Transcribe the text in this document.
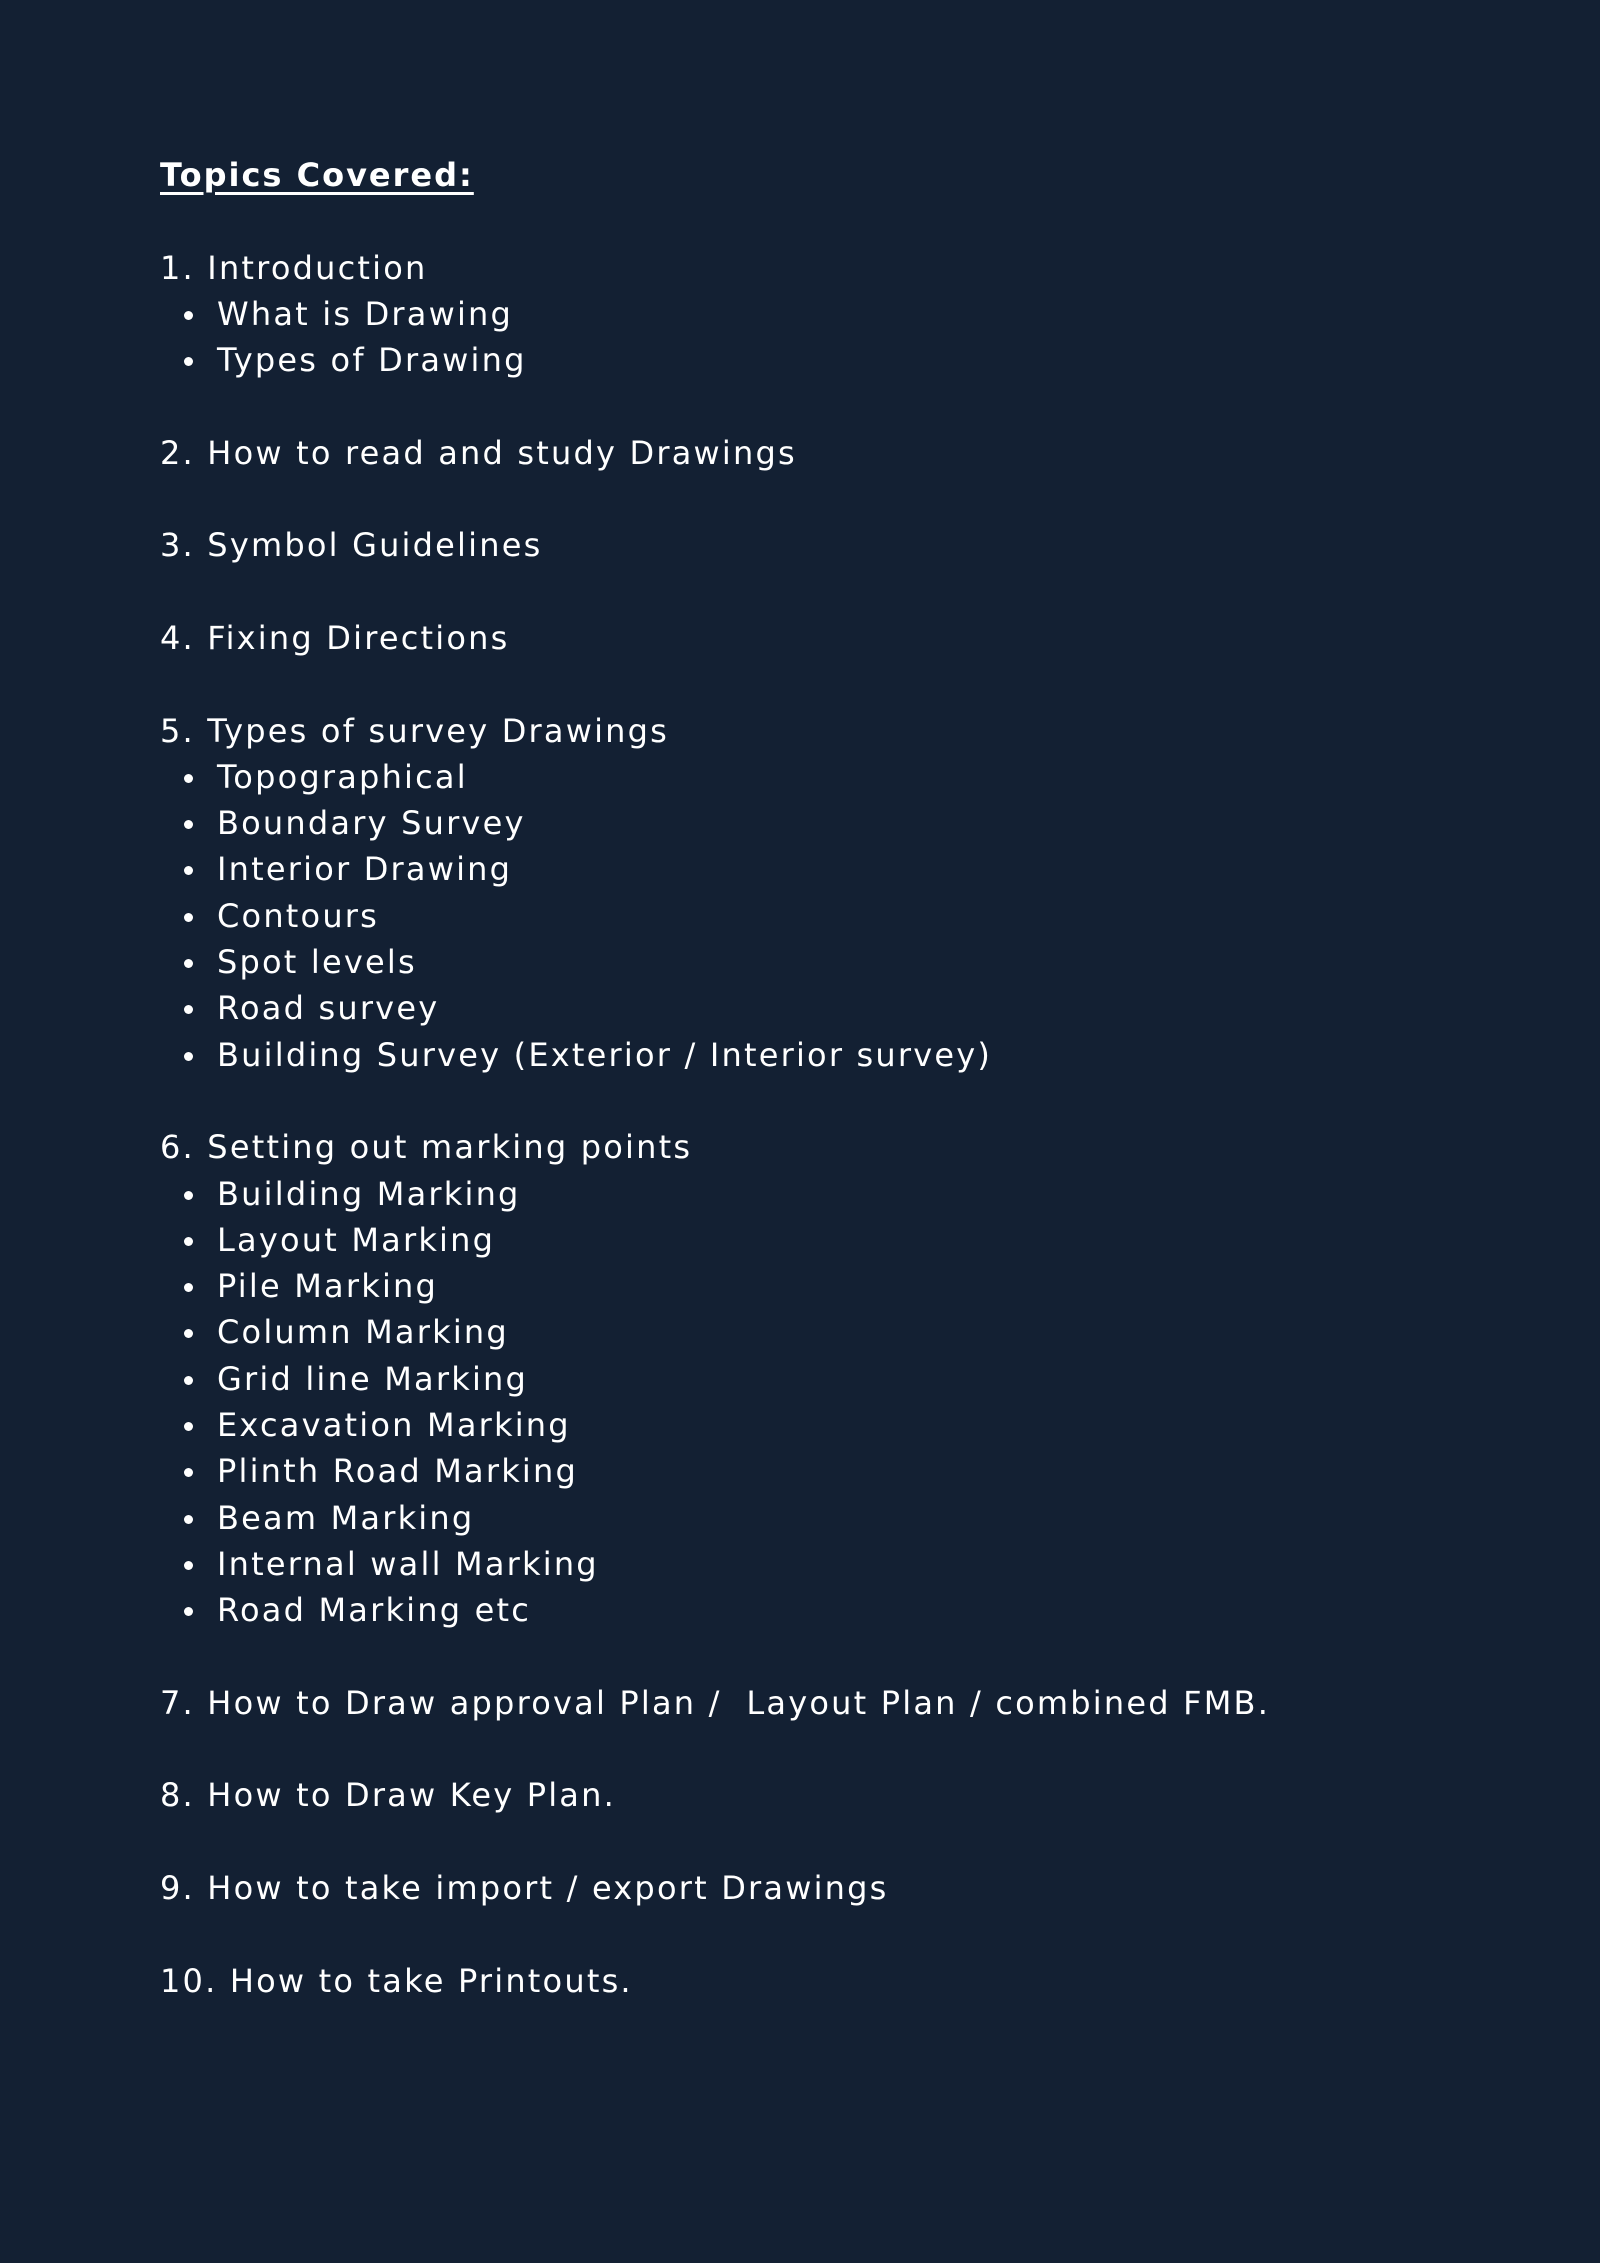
Topics Covered:
1. Introduction
What is Drawing
Types of Drawing
2. How to read and study Drawings
3. Symbol Guidelines
4. Fixing Directions
5. Types of survey Drawings
Topographical
Boundary Survey
Interior Drawing
Contours
Spot levels
Road survey
Building Survey (Exterior / Interior survey)
6. Setting out marking points
Building Marking
Layout Marking
Pile Marking
Column Marking
Grid line Marking
Excavation Marking
Plinth Road Marking
Beam Marking
Internal wall Marking
Road Marking etc
7. How to Draw approval Plan /  Layout Plan / combined FMB.
8. How to Draw Key Plan.
9. How to take import / export Drawings
10. How to take Printouts.
